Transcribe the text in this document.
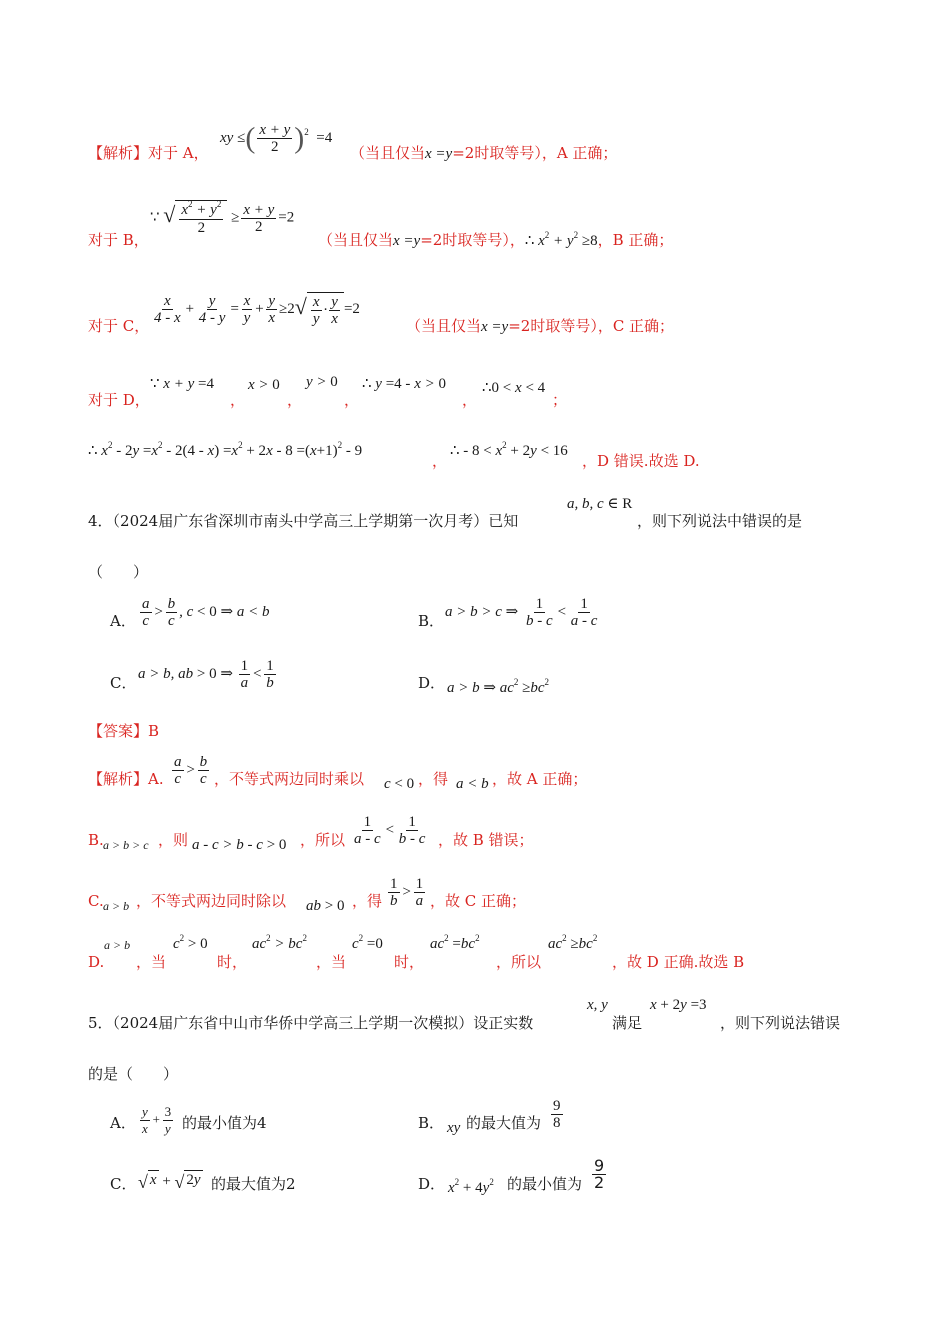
【解析】对于 A，
xy ≤( $\frac{x + y}{2} )^2 =4$
（当且仅当x =y=2时取等号），A 正确；
对于 B，
∵ √ $\frac{x^2 + y^2}{2} \ge \frac{x + y}{2} =2$
（当且仅当x =y=2时取等号），∴ $x^2 + y^2 \ge 8$，B 正确；
对于 C， $\frac{x}{4 - x} + \frac{y}{4 - y} = \frac{x}{y} + \frac{y}{x} \ge 2$ √ $\frac{x}{y} \cdot \frac{y}{x} =2$
（当且仅当x =y=2时取等号），C 正确；
对于 D，
∵ x + y =4
，
x > 0
，
y > 0
，
∴ y =4 - x > 0
，
∴0 < x < 4
；
∴ $x^2 - 2y =x^2 - 2(4 - x) =x^2 + 2x - 8 =(x+1)^2 - 9$
，
∴ - $8 < x^2 + 2y < 16$
，D 错误.故选 D.
4．（2024届广东省深圳市南头中学高三上学期第一次月考）已知
a, b, c ∈ R
，则下列说法中错误的是
（　　）
A． $\frac{a}{c} > \frac{b}{c}$ , c < 0 ⇒ a < b
B．
a > b > c ⇒ $\frac{1}{b - c} < \frac{1}{a - c}$
C．
a > b, ab > 0 ⇒ $\frac{1}{a} < \frac{1}{b}$	D． a > b ⇒ $ac^2 \ge bc^2$
【答案】B
【解析】A. $\frac{a}{c} > \frac{b}{c}$ ，不等式两边同时乘以 c < 0 ，得 a < b ，故 A 正确；
B. a > b > c ，则 a - c > b - c > 0 ，所以 $\frac{1}{a - c} < \frac{1}{b - c}$ ，故 B 错误；
C. a > b ，不等式两边同时除以 ab > 0 ，得 $\frac{1}{b} > \frac{1}{a}$ ，故 C 正确；
D.
a > b
，当
$c^2 > 0$
时，
$ac^2 > bc^2$
，当
$c^2 =0$
时，
$ac^2 =bc^2$
，所以
$ac^2 \ge bc^2$
，故 D 正确.故选 B
5．（2024届广东省中山市华侨中学高三上学期一次模拟）设正实数
x, y
满足
x + 2y =3
，则下列说法错误
的是（　　）
A． $\frac{y}{x} + \frac{3}{y}$ 的最小值为4	B． xy 的最大值为 $\frac{9}{8}$
C． √ x + √ 2y 的最大值为2	D． $x^2 + 4y^2$ 的最小值为 $\frac{9}{2}$
